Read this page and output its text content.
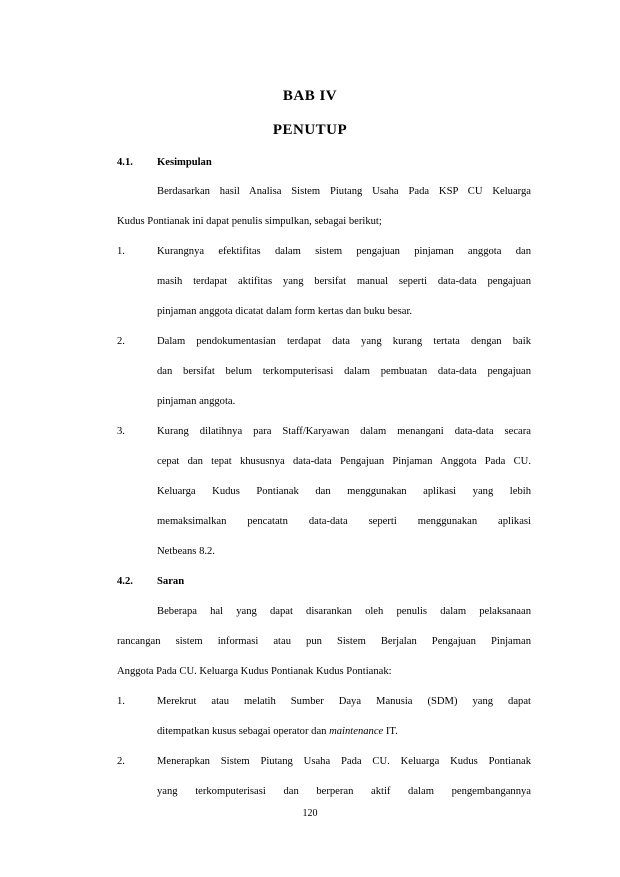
BAB IV
PENUTUP
4.1. Kesimpulan
Berdasarkan hasil Analisa Sistem Piutang Usaha Pada KSP CU Keluarga
Kudus Pontianak ini dapat penulis simpulkan, sebagai berikut;
1.	Kurangnya efektifitas dalam sistem pengajuan pinjaman anggota dan
masih terdapat aktifitas yang bersifat manual seperti data-data pengajuan
pinjaman anggota dicatat dalam form kertas dan buku besar.
2.	Dalam pendokumentasian terdapat data yang kurang tertata dengan baik
dan bersifat belum terkomputerisasi dalam pembuatan data-data pengajuan
pinjaman anggota.
3.	Kurang dilatihnya para Staff/Karyawan dalam menangani data-data secara
cepat dan tepat khususnya data-data Pengajuan Pinjaman Anggota Pada CU.
Keluarga Kudus Pontianak dan menggunakan aplikasi yang lebih
memaksimalkan pencatatn data-data seperti menggunakan aplikasi
Netbeans 8.2.
4.2. Saran
Beberapa hal yang dapat disarankan oleh penulis dalam pelaksanaan
rancangan sistem informasi atau pun Sistem Berjalan Pengajuan Pinjaman
Anggota Pada CU. Keluarga Kudus Pontianak Kudus Pontianak:
1.	Merekrut atau melatih Sumber Daya Manusia (SDM) yang dapat
ditempatkan kusus sebagai operator dan maintenance IT.
2.	Menerapkan Sistem Piutang Usaha Pada CU. Keluarga Kudus Pontianak
yang terkomputerisasi dan berperan aktif dalam pengembangannya
120
